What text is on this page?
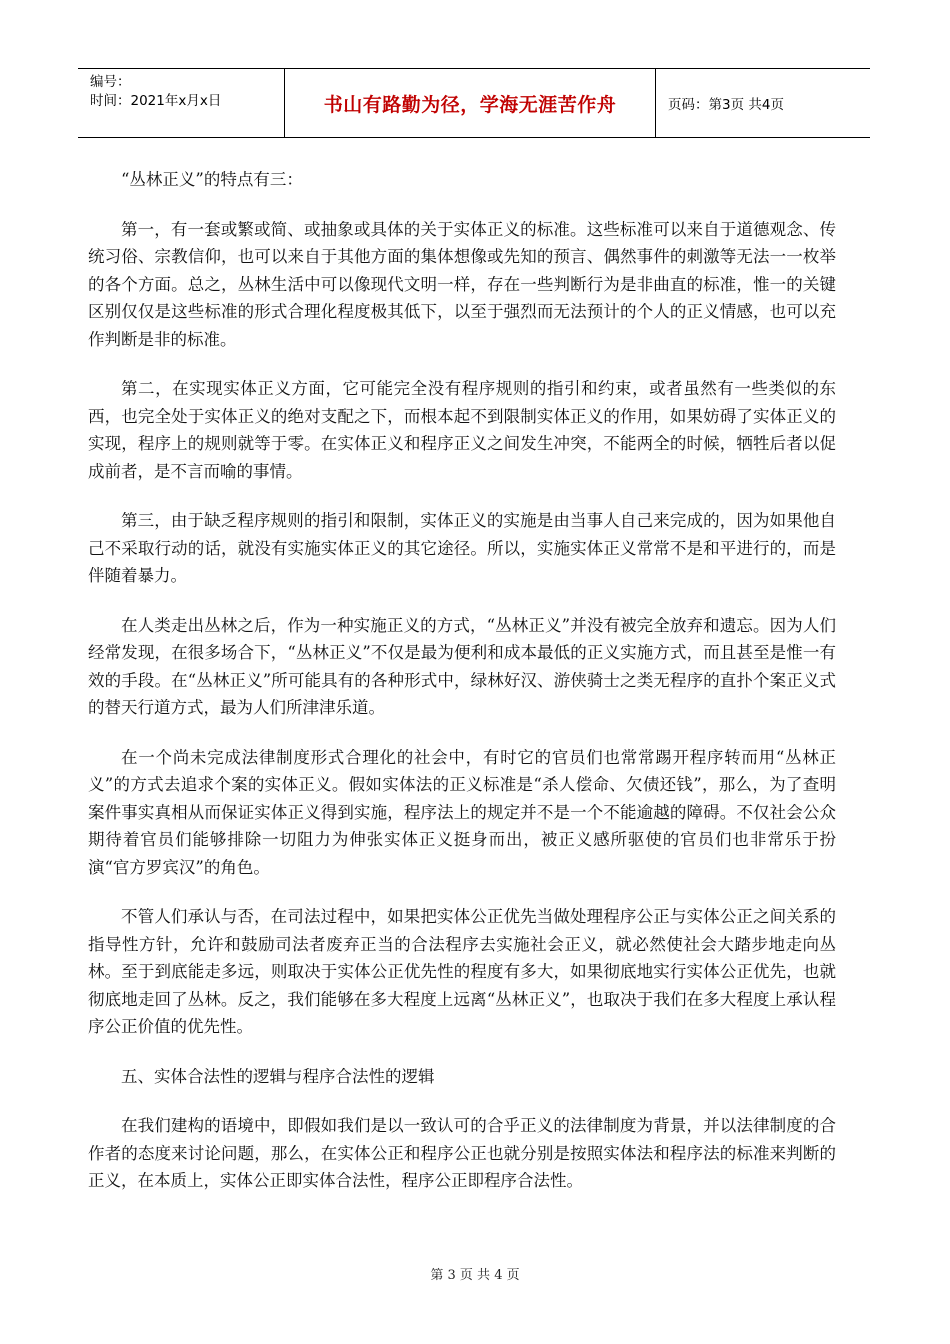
编号：
时间：2021年x月x日	书山有路勤为径，学海无涯苦作舟	页码：第3页 共4页

“丛林正义”的特点有三：

第一，有一套或繁或简、或抽象或具体的关于实体正义的标准。这些标准可以来自于道德观念、传统习俗、宗教信仰，也可以来自于其他方面的集体想像或先知的预言、偶然事件的刺激等无法一一枚举的各个方面。总之，丛林生活中可以像现代文明一样，存在一些判断行为是非曲直的标准，惟一的关键区别仅仅是这些标准的形式合理化程度极其低下，以至于强烈而无法预计的个人的正义情感，也可以充作判断是非的标准。

第二，在实现实体正义方面，它可能完全没有程序规则的指引和约束，或者虽然有一些类似的东西，也完全处于实体正义的绝对支配之下，而根本起不到限制实体正义的作用，如果妨碍了实体正义的实现，程序上的规则就等于零。在实体正义和程序正义之间发生冲突，不能两全的时候，牺牲后者以促成前者，是不言而喻的事情。

第三，由于缺乏程序规则的指引和限制，实体正义的实施是由当事人自己来完成的，因为如果他自己不采取行动的话，就没有实施实体正义的其它途径。所以，实施实体正义常常不是和平进行的，而是伴随着暴力。

在人类走出丛林之后，作为一种实施正义的方式，“丛林正义”并没有被完全放弃和遗忘。因为人们经常发现，在很多场合下，“丛林正义”不仅是最为便利和成本最低的正义实施方式，而且甚至是惟一有效的手段。在“丛林正义”所可能具有的各种形式中，绿林好汉、游侠骑士之类无程序的直扑个案正义式的替天行道方式，最为人们所津津乐道。

在一个尚未完成法律制度形式合理化的社会中，有时它的官员们也常常踢开程序转而用“丛林正义”的方式去追求个案的实体正义。假如实体法的正义标准是“杀人偿命、欠债还钱”，那么，为了查明案件事实真相从而保证实体正义得到实施，程序法上的规定并不是一个不能逾越的障碍。不仅社会公众期待着官员们能够排除一切阻力为伸张实体正义挺身而出，被正义感所驱使的官员们也非常乐于扮演“官方罗宾汉”的角色。

不管人们承认与否，在司法过程中，如果把实体公正优先当做处理程序公正与实体公正之间关系的指导性方针，允许和鼓励司法者废弃正当的合法程序去实施社会正义，就必然使社会大踏步地走向丛林。至于到底能走多远，则取决于实体公正优先性的程度有多大，如果彻底地实行实体公正优先，也就彻底地走回了丛林。反之，我们能够在多大程度上远离“丛林正义”，也取决于我们在多大程度上承认程序公正价值的优先性。

五、实体合法性的逻辑与程序合法性的逻辑

在我们建构的语境中，即假如我们是以一致认可的合乎正义的法律制度为背景，并以法律制度的合作者的态度来讨论问题，那么，在实体公正和程序公正也就分别是按照实体法和程序法的标准来判断的正义，在本质上，实体公正即实体合法性，程序公正即程序合法性。

第 3 页 共 4 页
